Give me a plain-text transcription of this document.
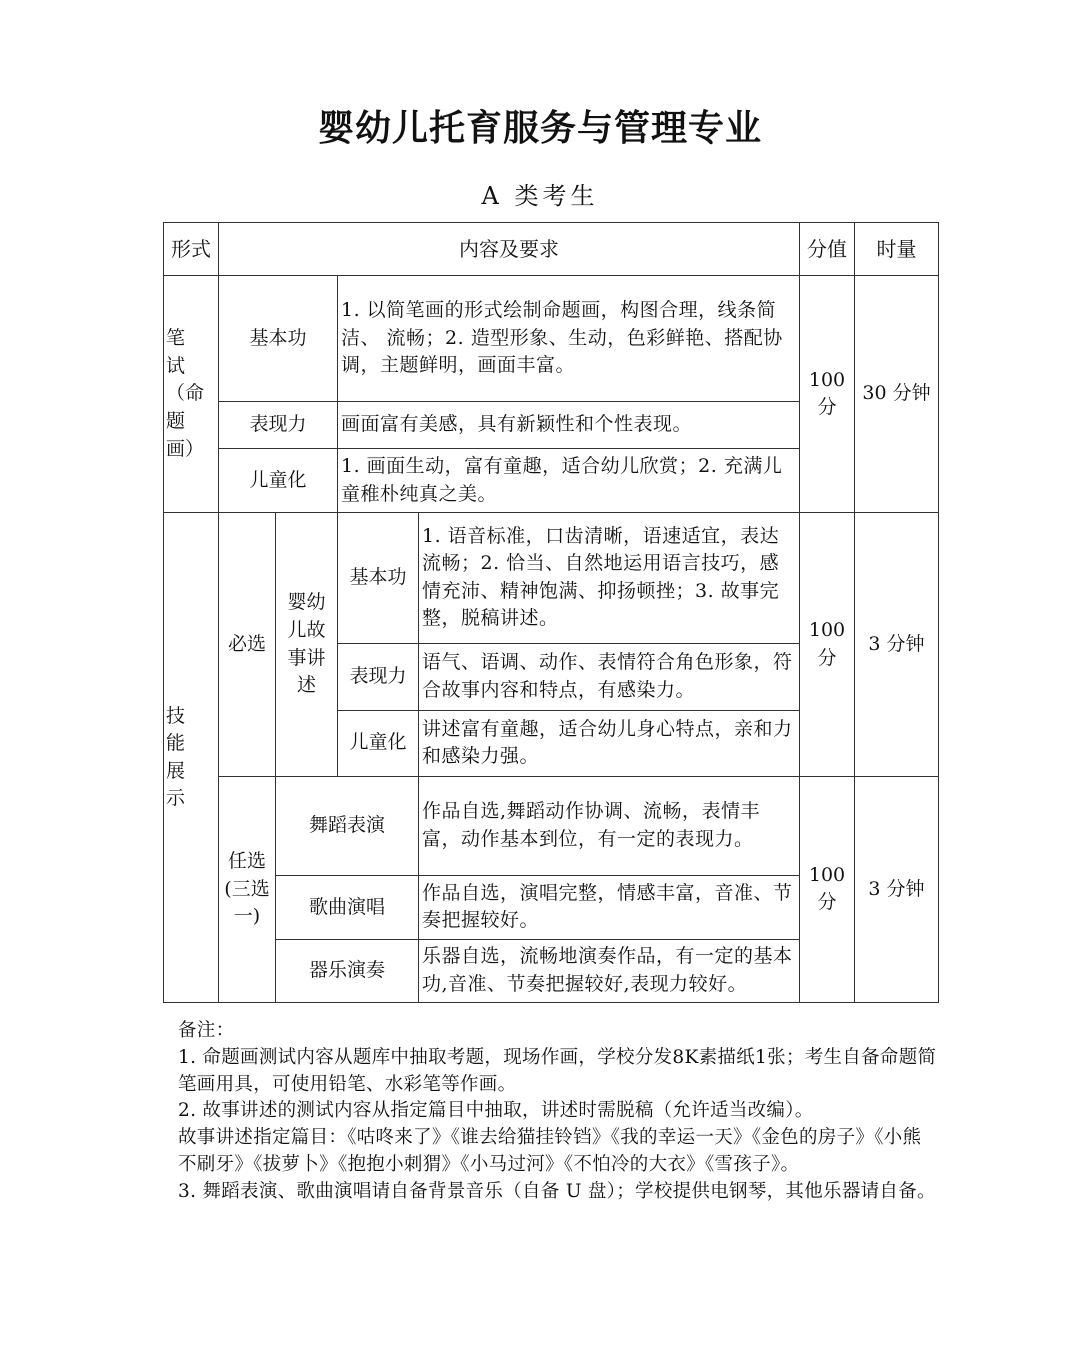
婴幼儿托育服务与管理专业
A 类考生
形式	内容及要求				分值	时量

笔试（命题画）	基本功		1. 以简笔画的形式绘制命题画，构图合理，线条简洁、 流畅；2. 造型形象、生动，色彩鲜艳、搭配协调，主题鲜明，画面丰富。		100 分	30 分钟
	表现力		画面富有美感，具有新颖性和个性表现。			
	儿童化		1. 画面生动，富有童趣，适合幼儿欣赏；2. 充满儿童稚朴纯真之美。			

技能展示	必选	婴幼儿故事讲述	基本功	1. 语音标准，口齿清晰，语速适宜，表达流畅；2. 恰当、自然地运用语言技巧，感情充沛、精神饱满、抑扬顿挫；3. 故事完整，脱稿讲述。	100 分	3 分钟
			表现力	语气、语调、动作、表情符合角色形象，符合故事内容和特点，有感染力。		
			儿童化	讲述富有童趣，适合幼儿身心特点，亲和力和感染力强。		
	任选(三选一)	舞蹈表演		作品自选,舞蹈动作协调、流畅，表情丰富，动作基本到位，有一定的表现力。	100 分	3 分钟
		歌曲演唱		作品自选，演唱完整，情感丰富，音准、节奏把握较好。		
		器乐演奏		乐器自选，流畅地演奏作品，有一定的基本功,音准、节奏把握较好,表现力较好。		

备注：

1. 命题画测试内容从题库中抽取考题，现场作画，学校分发8K素描纸1张；考生自备命题简笔画用具，可使用铅笔、水彩笔等作画。

2. 故事讲述的测试内容从指定篇目中抽取，讲述时需脱稿（允许适当改编）。

故事讲述指定篇目：《咕咚来了》《谁去给猫挂铃铛》《我的幸运一天》《金色的房子》《小熊不刷牙》《拔萝卜》《抱抱小刺猬》《小马过河》《不怕冷的大衣》《雪孩子》。

3. 舞蹈表演、歌曲演唱请自备背景音乐（自备 U 盘）；学校提供电钢琴，其他乐器请自备。
